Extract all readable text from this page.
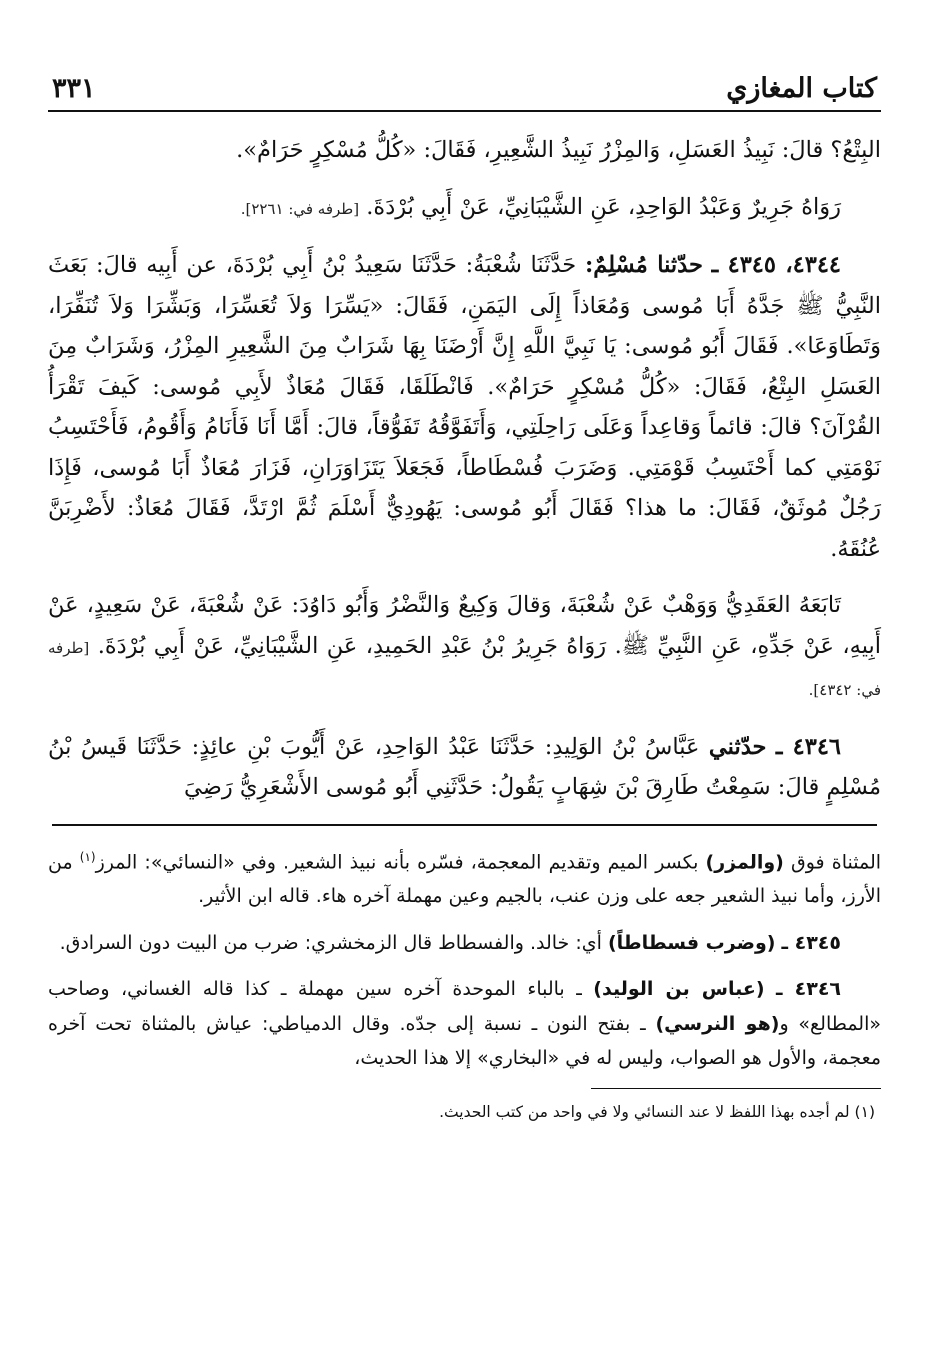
كتاب المغازي
٣٣١

البِتْعُ؟ قالَ: نَبِيذُ العَسَلِ، وَالمِزْرُ نَبِيذُ الشَّعِيرِ، فَقَالَ: «كُلُّ مُسْكِرٍ حَرَامٌ».

رَوَاهُ جَرِيرٌ وَعَبْدُ الوَاحِدِ، عَنِ الشَّيْبَانِيِّ، عَنْ أَبِي بُرْدَةَ. [طرفه في: ٢٢٦١].

٤٣٤٤، ٤٣٤٥ ـ حدّثنا مُسْلِمٌ: حَدَّثَنَا شُعْبَةُ: حَدَّثَنَا سَعِيدُ بْنُ أَبِي بُرْدَةَ، عن أَبِيه قالَ: بَعَثَ النَّبِيُّ ﷺ جَدَّهُ أَبَا مُوسى وَمُعَاذاً إِلَى اليَمَنِ، فَقَالَ: «يَسِّرَا وَلاَ تُعَسِّرَا، وَبَشِّرَا وَلاَ تُنَفِّرَا، وَتَطَاوَعَا». فَقَالَ أَبُو مُوسى: يَا نَبِيَّ اللَّهِ إِنَّ أَرْضَنَا بِهَا شَرَابٌ مِنَ الشَّعِيرِ المِزْرُ، وَشَرَابٌ مِنَ العَسَلِ البِتْعُ، فَقَالَ: «كُلُّ مُسْكِرٍ حَرَامٌ». فَانْطَلَقَا، فَقَالَ مُعَاذٌ لأَبِي مُوسى: كَيفَ تَقْرَأُ القُرْآنَ؟ قالَ: قائماً وَقاعِداً وَعَلَى رَاحِلَتِي، وَأَتَفَوَّقُهُ تَفَوُّقاً، قالَ: أَمَّا أَنَا فَأَنَامُ وَأَقُومُ، فَأَحْتَسِبُ نَوْمَتِي كما أَحْتَسِبُ قَوْمَتِي. وَضَرَبَ فُسْطَاطاً، فَجَعَلاَ يَتَزَاوَرَانِ، فَزَارَ مُعَاذٌ أَبَا مُوسى، فَإِذَا رَجُلٌ مُوثَقٌ، فَقَالَ: ما هذا؟ فَقَالَ أَبُو مُوسى: يَهُودِيٌّ أَسْلَمَ ثُمَّ ارْتَدَّ، فَقَالَ مُعَاذٌ: لأَضْرِبَنَّ عُنُقَهُ.

تَابَعَهُ العَقَدِيُّ وَوَهْبٌ عَنْ شُعْبَةَ، وَقالَ وَكِيعٌ وَالنَّضْرُ وَأَبُو دَاوُدَ: عَنْ شُعْبَةَ، عَنْ سَعِيدٍ، عَنْ أَبِيهِ، عَنْ جَدِّهِ، عَنِ النَّبِيِّ ﷺ. رَوَاهُ جَرِيرُ بْنُ عَبْدِ الحَمِيدِ، عَنِ الشَّيْبَانِيِّ، عَنْ أَبِي بُرْدَةَ. [طرفه في: ٤٣٤٢].

٤٣٤٦ ـ حدّثني عَبَّاسُ بْنُ الوَلِيدِ: حَدَّثَنَا عَبْدُ الوَاحِدِ، عَنْ أَيُّوبَ بْنِ عائِذٍ: حَدَّثَنَا قَيسُ بْنُ مُسْلِمٍ قالَ: سَمِعْتُ طَارِقَ بْنَ شِهَابٍ يَقُولُ: حَدَّثَنِي أَبُو مُوسى الأَشْعَرِيُّ رَضِيَ

المثناة فوق (والمزر) بكسر الميم وتقديم المعجمة، فسّره بأنه نبيذ الشعير. وفي «النسائي»: المرز$^{(١)}$ من الأرز، وأما نبيذ الشعير جعه على وزن عنب، بالجيم وعين مهملة آخره هاء. قاله ابن الأثير.

٤٣٤٥ ـ (وضرب فسطاطاً) أي: خالد. والفسطاط قال الزمخشري: ضرب من البيت دون السرادق.

٤٣٤٦ ـ (عباس بن الوليد) ـ بالباء الموحدة آخره سين مهملة ـ كذا قاله الغساني، وصاحب «المطالع» و(هو النرسي) ـ بفتح النون ـ نسبة إلى جدّه. وقال الدمياطي: عياش بالمثناة تحت آخره معجمة، والأول هو الصواب، وليس له في «البخاري» إلا هذا الحديث،

(١) لم أجده بهذا اللفظ لا عند النسائي ولا في واحد من كتب الحديث.
